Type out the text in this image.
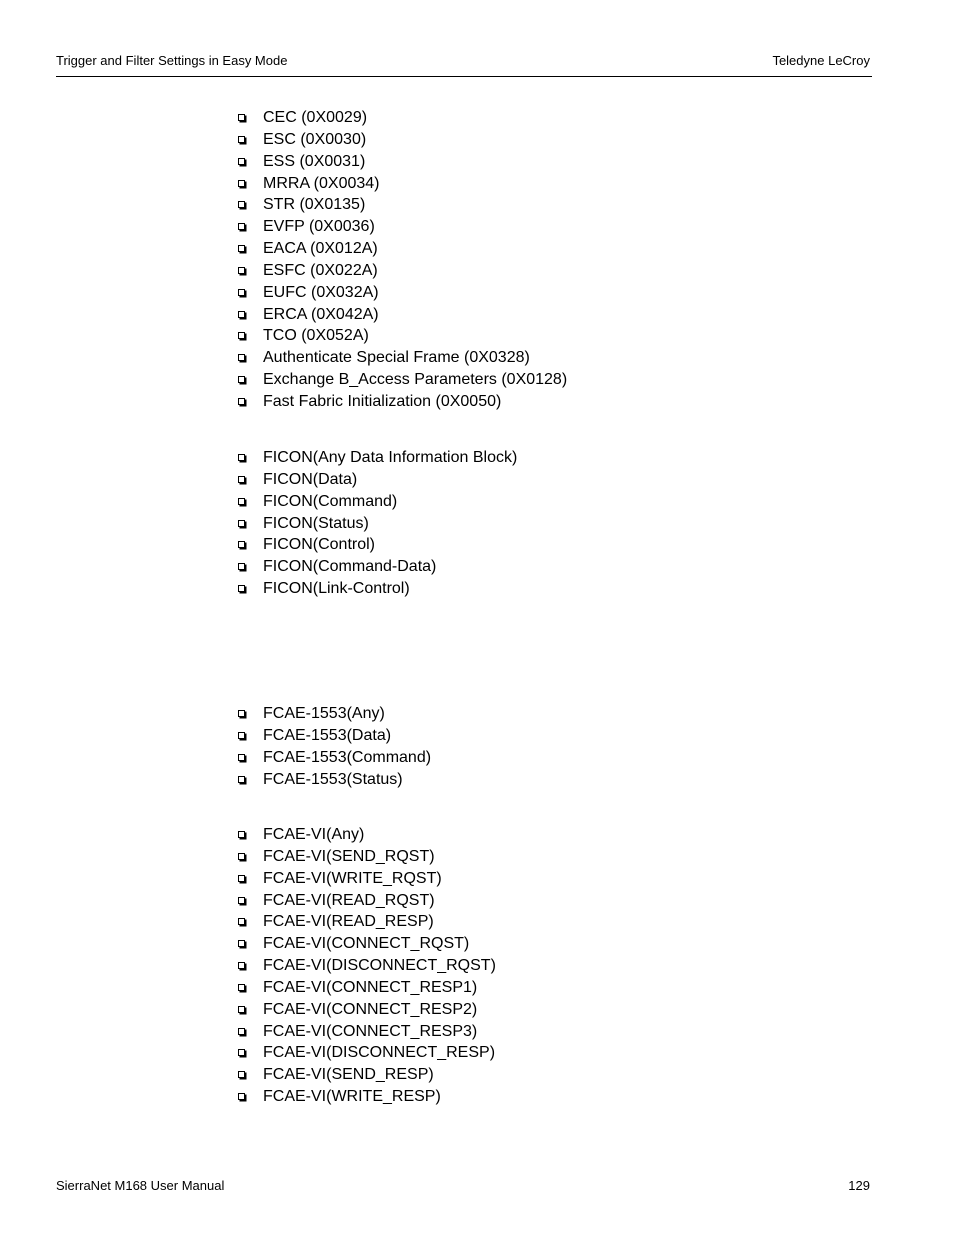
Trigger and Filter Settings in Easy Mode	Teledyne LeCroy
CEC (0X0029)
ESC (0X0030)
ESS (0X0031)
MRRA (0X0034)
STR (0X0135)
EVFP (0X0036)
EACA (0X012A)
ESFC (0X022A)
EUFC (0X032A)
ERCA (0X042A)
TCO (0X052A)
Authenticate Special Frame (0X0328)
Exchange B_Access Parameters (0X0128)
Fast Fabric Initialization (0X0050)
FICON(Any Data Information Block)
FICON(Data)
FICON(Command)
FICON(Status)
FICON(Control)
FICON(Command-Data)
FICON(Link-Control)
FCAE-1553(Any)
FCAE-1553(Data)
FCAE-1553(Command)
FCAE-1553(Status)
FCAE-VI(Any)
FCAE-VI(SEND_RQST)
FCAE-VI(WRITE_RQST)
FCAE-VI(READ_RQST)
FCAE-VI(READ_RESP)
FCAE-VI(CONNECT_RQST)
FCAE-VI(DISCONNECT_RQST)
FCAE-VI(CONNECT_RESP1)
FCAE-VI(CONNECT_RESP2)
FCAE-VI(CONNECT_RESP3)
FCAE-VI(DISCONNECT_RESP)
FCAE-VI(SEND_RESP)
FCAE-VI(WRITE_RESP)
SierraNet M168 User Manual	129
